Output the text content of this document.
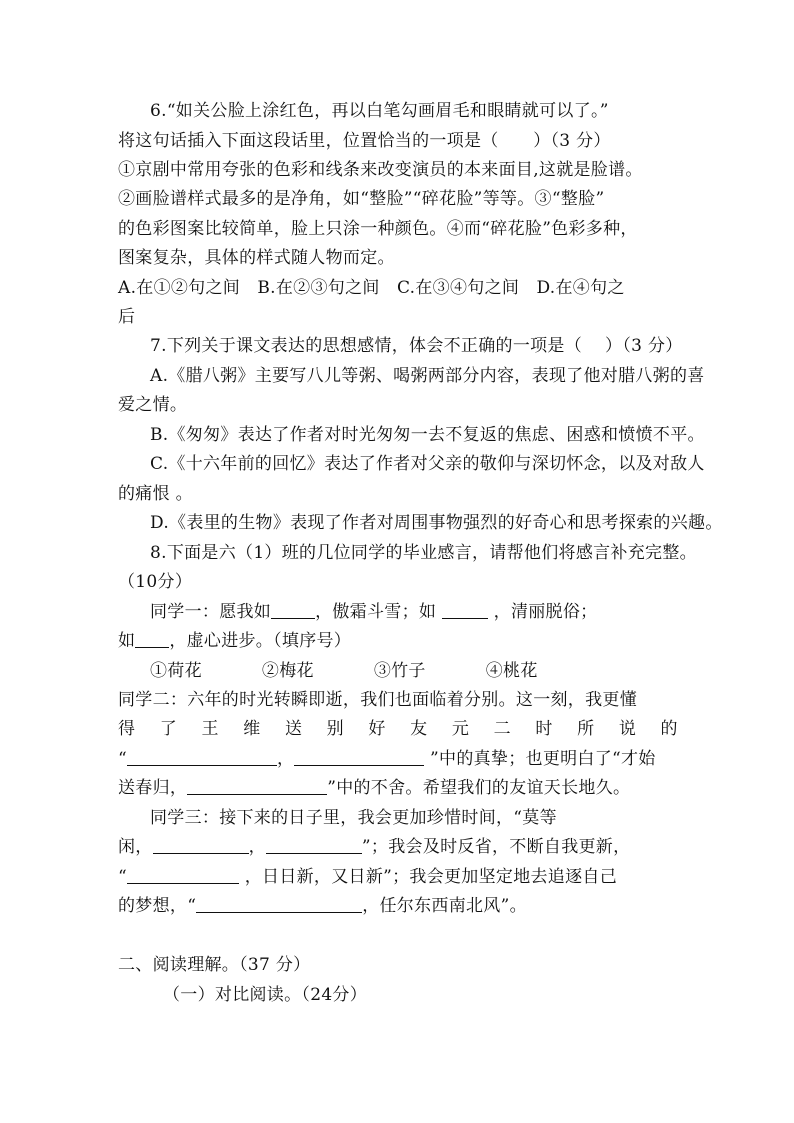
6.“如关公脸上涂红色，再以白笔勾画眉毛和眼睛就可以了。”
将这句话插入下面这段话里，位置恰当的一项是（　　）（3 分）
①京剧中常用夸张的色彩和线条来改变演员的本来面目,这就是脸谱。
②画脸谱样式最多的是净角，如“整脸”“碎花脸”等等。③“整脸”
的色彩图案比较简单，脸上只涂一种颜色。④而“碎花脸”色彩多种，
图案复杂，具体的样式随人物而定。
A.在①②句之间　B.在②③句之间　C.在③④句之间　D.在④句之
后
7.下列关于课文表达的思想感情，体会不正确的一项是（　 ）（3 分）
A.《腊八粥》主要写八儿等粥、喝粥两部分内容，表现了他对腊八粥的喜
爱之情。
B.《匆匆》表达了作者对时光匆匆一去不复返的焦虑、困惑和愤愤不平。
C.《十六年前的回忆》表达了作者对父亲的敬仰与深切怀念，以及对敌人
的痛恨 。
D.《表里的生物》表现了作者对周围事物强烈的好奇心和思考探索的兴趣。
8.下面是六（1）班的几位同学的毕业感言，请帮他们将感言补充完整。
（10分）
同学一：愿我如	，傲霜斗雪；如	，清丽脱俗；
如 ，虚心进步。（填序号）
①荷花	②梅花	③竹子	④桃花
同学二：六年的时光转瞬即逝，我们也面临着分别。这一刻，我更懂
得 了 王 维 送 别 好 友 元 二 时 所 说 的
“	，	”中的真挚；也更明白了“才始
送春归，	”中的不舍。希望我们的友谊天长地久。
同学三：接下来的日子里，我会更加珍惜时间，“莫等
闲，	，	”；我会及时反省，不断自我更新，
“	，日日新，又日新”；我会更加坚定地去追逐自己
的梦想，“	，任尔东西南北风”。
二、阅读理解。（37 分）
（一）对比阅读。（24分）
